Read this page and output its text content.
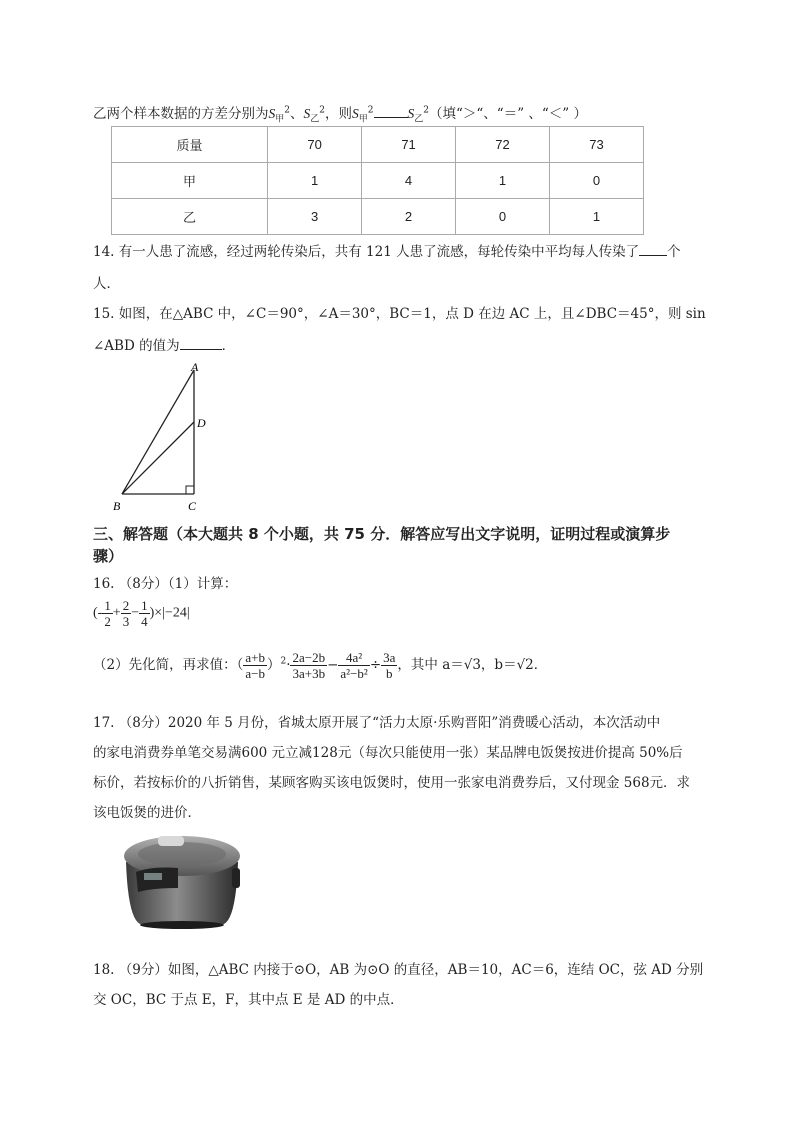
乙两个样本数据的方差分别为$S_甲^2$、$S_乙^2$，则$S_甲^2$	$S_乙^2$（填“＞“、“＝” 、“＜” ）
质量	70	71	72	73
甲	1	4	1	0
乙	3	2	0	1
14. 有一人患了流感，经过两轮传染后，共有 121 人患了流感，每轮传染中平均每人传染了 个
人．
15. 如图，在△ABC 中，∠C＝90°，∠A＝30°，BC＝1，点 D 在边 AC 上，且∠DBC＝45°，则 sin
∠ABD 的值为	．
A
D
B	C
三、解答题（本大题共 8 个小题，共 75 分．解答应写出文字说明，证明过程或演算步
骤）
16. （8分）（1）计算：
(- $\frac{1}{2} + \frac{2}{3} - \frac{1}{4} )\times|-24|$
（2）先化简，再求值：（ $\frac{a+b}{a-b} )^2\cdot \frac{2a-2b}{3a+3b} - \frac{\text{4a²}}{\text{a²−b²}} \div \frac{3a}{b}$ ，其中 a＝√3，b＝√2．
17. （8分）2020 年 5 月份，省城太原开展了“活力太原·乐购晋阳”消费暖心活动，本次活动中
的家电消费券单笔交易满600 元立减128元（每次只能使用一张）某品牌电饭煲按进价提高 50%后
标价，若按标价的八折销售，某顾客购买该电饭煲时，使用一张家电消费券后，又付现金 568元．求
该电饭煲的进价．
18. （9分）如图，△ABC 内接于⊙O，AB 为⊙O 的直径，AB＝10，AC＝6，连结 OC，弦 AD 分别
交 OC，BC 于点 E，F，其中点 E 是 AD 的中点．
